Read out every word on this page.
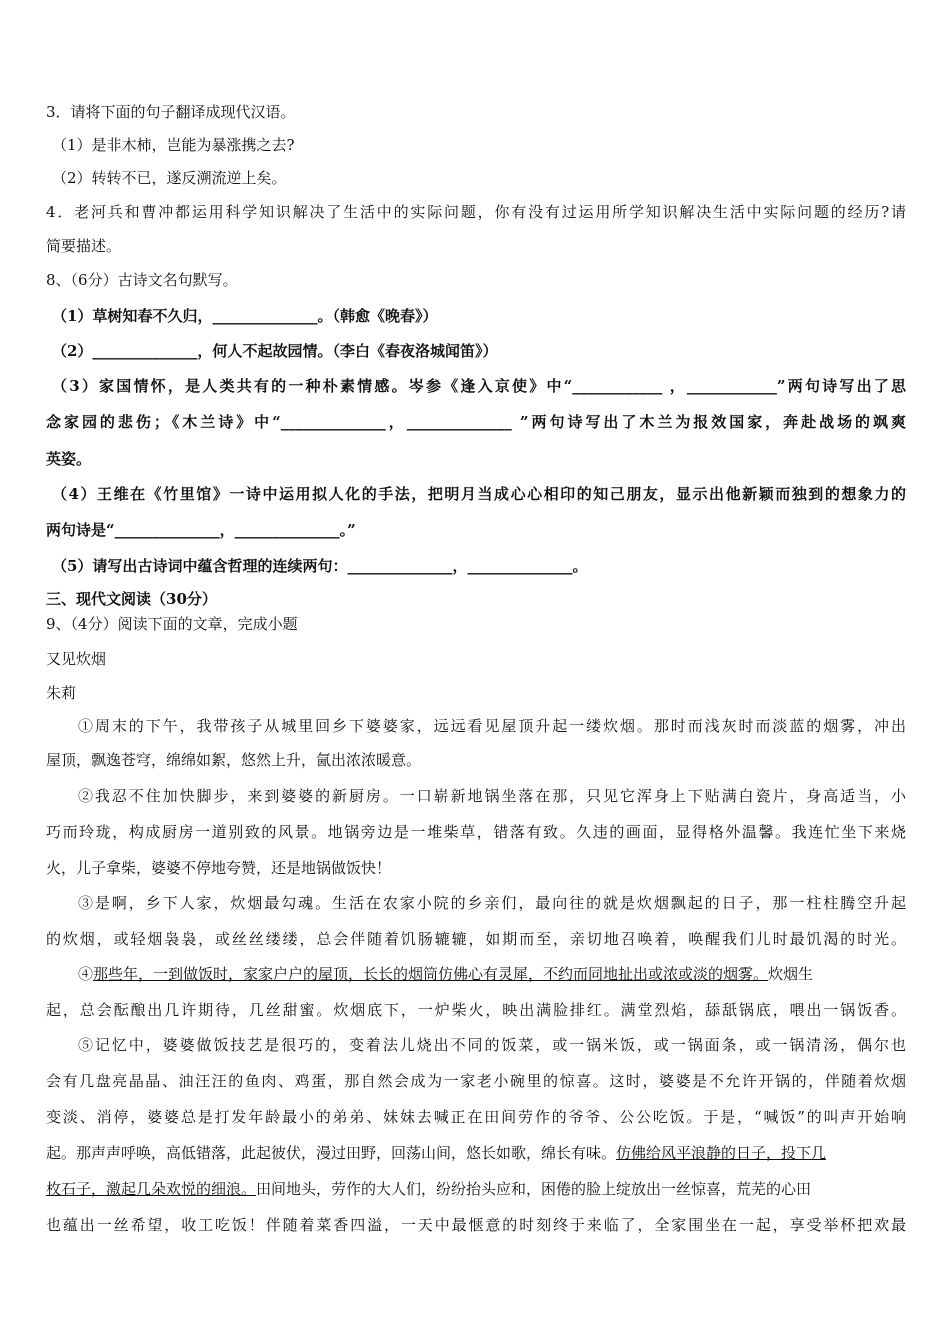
3．请将下面的句子翻译成现代汉语。
（1）是非木柿，岂能为暴涨携之去?
（2）转转不已，遂反溯流逆上矣。
4．老河兵和曹冲都运用科学知识解决了生活中的实际问题，你有没有过运用所学知识解决生活中实际问题的经历?请
简要描述。
8、（6分）古诗文名句默写。
（1）草树知春不久归，______________。（韩愈《晚春》）
（2）______________，何人不起故园情。（李白《春夜洛城闻笛》）
（3）家国情怀，是人类共有的一种朴素情感。岑参《逢入京使》中“____________ ，____________”两句诗写出了思
念家园的悲伤；《木兰诗》中“______________，______________ ”两句诗写出了木兰为报效国家，奔赴战场的飒爽
英姿。
（4）王维在《竹里馆》一诗中运用拟人化的手法，把明月当成心心相印的知己朋友，显示出他新颖而独到的想象力的
两句诗是“______________，______________。”
（5）请写出古诗词中蕴含哲理的连续两句：______________，______________。
三、现代文阅读（30分）
9、（4分）阅读下面的文章，完成小题
又见炊烟
朱莉
①周末的下午，我带孩子从城里回乡下婆婆家，远远看见屋顶升起一缕炊烟。那时而浅灰时而淡蓝的烟雾，冲出
屋顶，飘逸苍穹，绵绵如絮，悠然上升，氤出浓浓暖意。
②我忍不住加快脚步，来到婆婆的新厨房。一口崭新地锅坐落在那，只见它浑身上下贴满白瓷片，身高适当，小
巧而玲珑，构成厨房一道别致的风景。地锅旁边是一堆柴草，错落有致。久违的画面，显得格外温馨。我连忙坐下来烧
火，儿子拿柴，婆婆不停地夸赞，还是地锅做饭快！
③是啊，乡下人家，炊烟最勾魂。生活在农家小院的乡亲们，最向往的就是炊烟飘起的日子，那一柱柱腾空升起
的炊烟，或轻烟袅袅，或丝丝缕缕，总会伴随着饥肠辘辘，如期而至，亲切地召唤着，唤醒我们儿时最饥渴的时光。
④那些年，一到做饭时，家家户户的屋顶，长长的烟筒仿佛心有灵犀，不约而同地扯出或浓或淡的烟雾。炊烟生
起，总会酝酿出几许期待，几丝甜蜜。炊烟底下，一炉柴火，映出满脸排红。满堂烈焰，舔舐锅底，喂出一锅饭香。
⑤记忆中，婆婆做饭技艺是很巧的，变着法儿烧出不同的饭菜，或一锅米饭，或一锅面条，或一锅清汤，偶尔也
会有几盘亮晶晶、油汪汪的鱼肉、鸡蛋，那自然会成为一家老小碗里的惊喜。这时，婆婆是不允许开锅的，伴随着炊烟
变淡、消停，婆婆总是打发年龄最小的弟弟、妹妹去喊正在田间劳作的爷爷、公公吃饭。于是，“喊饭”的叫声开始响
起。那声声呼唤，高低错落，此起彼伏，漫过田野，回荡山间，悠长如歌，绵长有味。仿佛给风平浪静的日子，投下几
枚石子，激起几朵欢悦的细浪。田间地头，劳作的大人们，纷纷抬头应和，困倦的脸上绽放出一丝惊喜，荒芜的心田
也蕴出一丝希望，收工吃饭！伴随着菜香四溢，一天中最惬意的时刻终于来临了，全家围坐在一起，享受举杯把欢最
